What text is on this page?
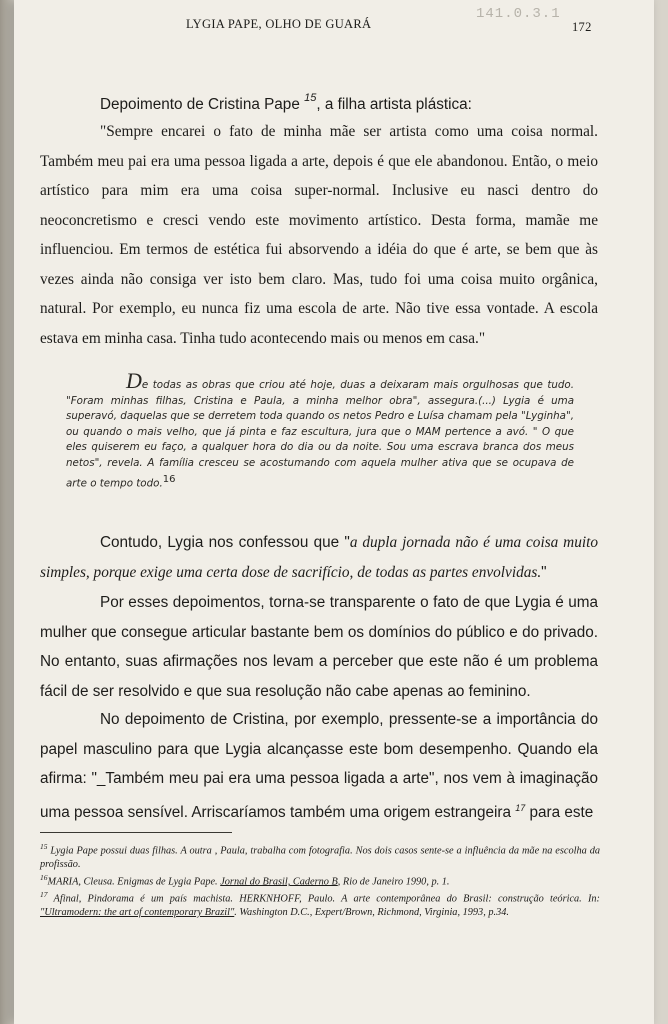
LYGIA PAPE, OLHO DE GUARÁ
141.0.3.1
172
Depoimento de Cristina Pape $^{15}$, a filha artista plástica:
"Sempre encarei o fato de minha mãe ser artista como uma coisa normal. Também meu pai era uma pessoa ligada a arte, depois é que ele abandonou. Então, o meio artístico para mim era uma coisa super-normal. Inclusive eu nasci dentro do neoconcretismo e cresci vendo este movimento artístico. Desta forma, mamãe me influenciou. Em termos de estética fui absorvendo a idéia do que é arte, se bem que às vezes ainda não consiga ver isto bem claro. Mas, tudo foi uma coisa muito orgânica, natural. Por exemplo, eu nunca fiz uma escola de arte. Não tive essa vontade. A escola estava em minha casa. Tinha tudo acontecendo mais ou menos em casa."
De todas as obras que criou até hoje, duas a deixaram mais orgulhosas que tudo. "Foram minhas filhas, Cristina e Paula, a minha melhor obra", assegura.(...) Lygia é uma superavó, daquelas que se derretem toda quando os netos Pedro e Luísa chamam pela "Lyginha", ou quando o mais velho, que já pinta e faz escultura, jura que o MAM pertence a avó. " O que eles quiserem eu faço, a qualquer hora do dia ou da noite. Sou uma escrava branca dos meus netos", revela. A família cresceu se acostumando com aquela mulher ativa que se ocupava de arte o tempo todo.$^{16}$
Contudo, Lygia nos confessou que "a dupla jornada não é uma coisa muito simples, porque exige uma certa dose de sacrifício, de todas as partes envolvidas."
Por esses depoimentos, torna-se transparente o fato de que Lygia é uma mulher que consegue articular bastante bem os domínios do público e do privado. No entanto, suas afirmações nos levam a perceber que este não é um problema fácil de ser resolvido e que sua resolução não cabe apenas ao feminino.
No depoimento de Cristina, por exemplo, pressente-se a importância do papel masculino para que Lygia alcançasse este bom desempenho. Quando ela afirma: "_Também meu pai era uma pessoa ligada a arte", nos vem à imaginação uma pessoa sensível. Arriscaríamos também uma origem estrangeira $^{17}$ para este

$^{15}$ Lygia Pape possui duas filhas. A outra , Paula, trabalha com fotografia. Nos dois casos sente-se a influência da mãe na escolha da profissão.

$^{16}$MARIA, Cleusa. Enigmas de Lygia Pape. Jornal do Brasil, Caderno B, Rio de Janeiro 1990, p. 1.

$^{17}$ Afinal, Pindorama é um país machista. HERKNHOFF, Paulo. A arte contemporânea do Brasil: construção teórica. In: "Ultramodern: the art of contemporary Brazil". Washington D.C., Expert/Brown, Richmond, Virginia, 1993, p.34.
